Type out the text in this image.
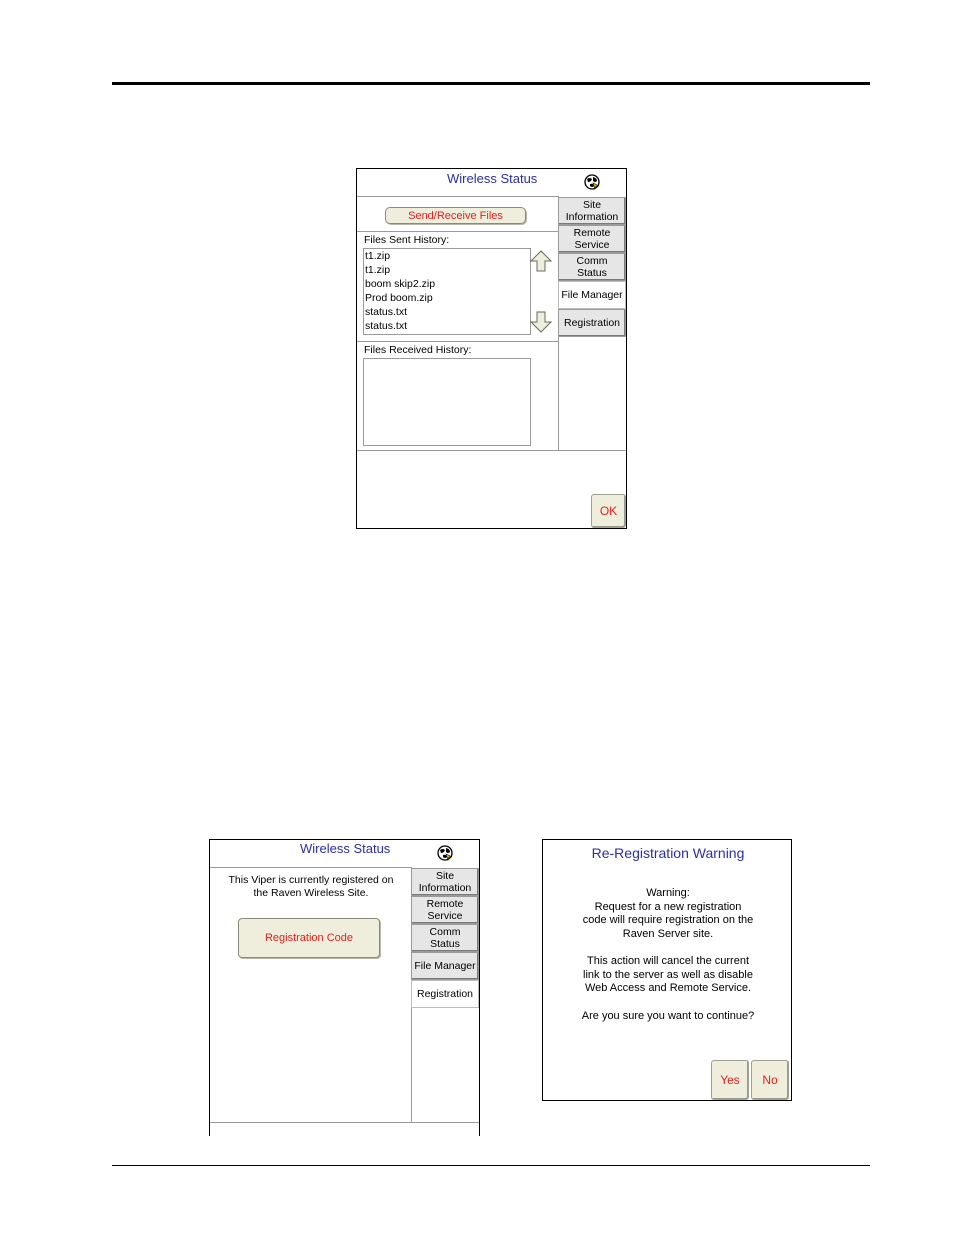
Wireless Status
Send/Receive Files
Files Sent History:
t1.zip
t1.zip
boom skip2.zip
Prod boom.zip
status.txt
status.txt
Files Received History:
Site
Information
Remote
Service
Comm
Status
File Manager
Registration
OK
Wireless Status
This Viper is currently registered on
the Raven Wireless Site.
Registration Code
Site
Information
Remote
Service
Comm
Status
File Manager
Registration
Re-Registration Warning
Warning:
Request for a new registration
code will require registration on the
Raven Server site.
This action will cancel the current
link to the server as well as disable
Web Access and Remote Service.
Are you sure you want to continue?
Yes	No
